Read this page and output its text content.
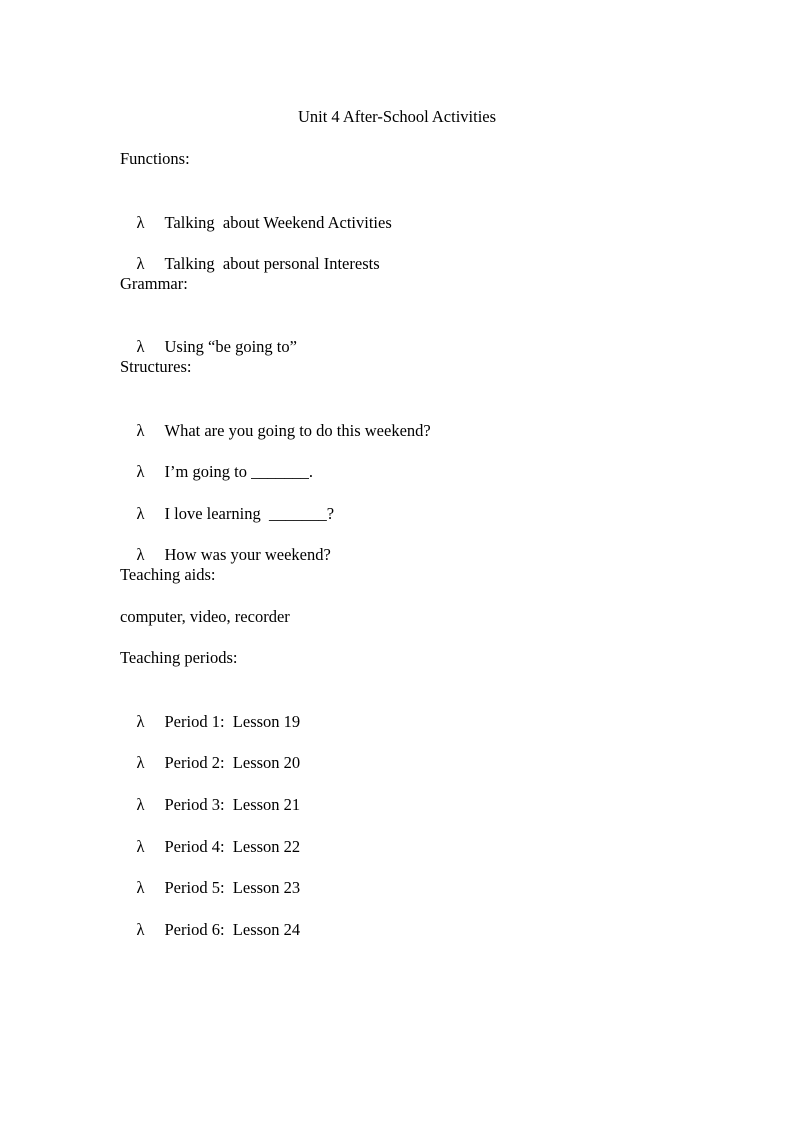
Unit 4 After-School Activities
Functions:

λ Talking  about Weekend Activities

λ Talking  about personal Interests

Grammar:

λ Using “be going to”

Structures:

λ What are you going to do this weekend?

λ I’m going to _______.

λ I love learning  _______?

λ How was your weekend?

Teaching aids:
computer, video, recorder
Teaching periods:

λ Period 1:  Lesson 19

λ Period 2:  Lesson 20

λ Period 3:  Lesson 21

λ Period 4:  Lesson 22

λ Period 5:  Lesson 23

λ Period 6:  Lesson 24
